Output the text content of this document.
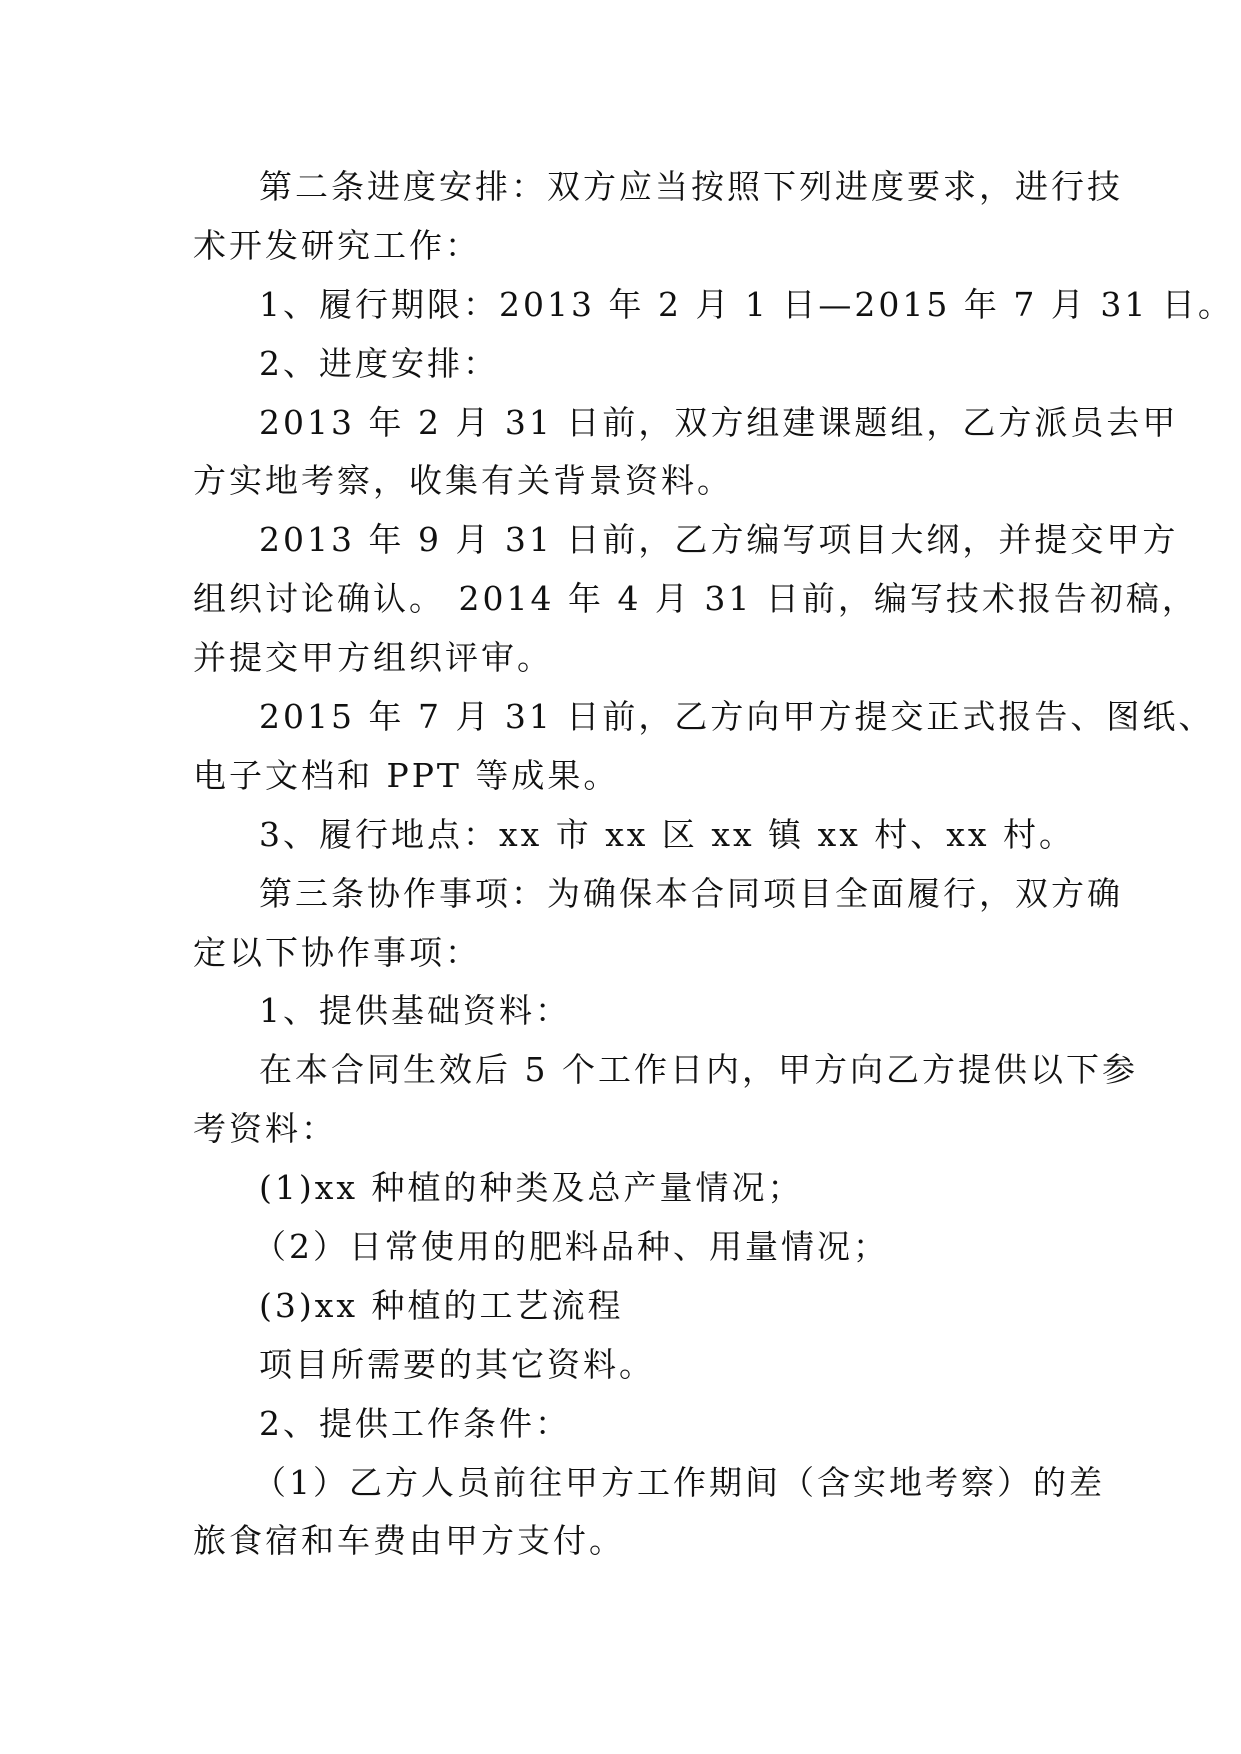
第二条进度安排：双方应当按照下列进度要求，进行技
术开发研究工作：
1、履行期限：2013 年 2 月 1 日—2015 年 7 月 31 日。
2、进度安排：
2013 年 2 月 31 日前，双方组建课题组，乙方派员去甲
方实地考察，收集有关背景资料。
2013 年 9 月 31 日前，乙方编写项目大纲，并提交甲方
组织讨论确认。 2014 年 4 月 31 日前，编写技术报告初稿，
并提交甲方组织评审。
2015 年 7 月 31 日前，乙方向甲方提交正式报告、图纸、
电子文档和 PPT 等成果。
3、履行地点：xx 市 xx 区 xx 镇 xx 村、xx 村。
第三条协作事项：为确保本合同项目全面履行，双方确
定以下协作事项：
1、提供基础资料：
在本合同生效后 5 个工作日内，甲方向乙方提供以下参
考资料：
(1)xx 种植的种类及总产量情况；
（2）日常使用的肥料品种、用量情况；
(3)xx 种植的工艺流程
项目所需要的其它资料。
2、提供工作条件：
（1）乙方人员前往甲方工作期间（含实地考察）的差
旅食宿和车费由甲方支付。
